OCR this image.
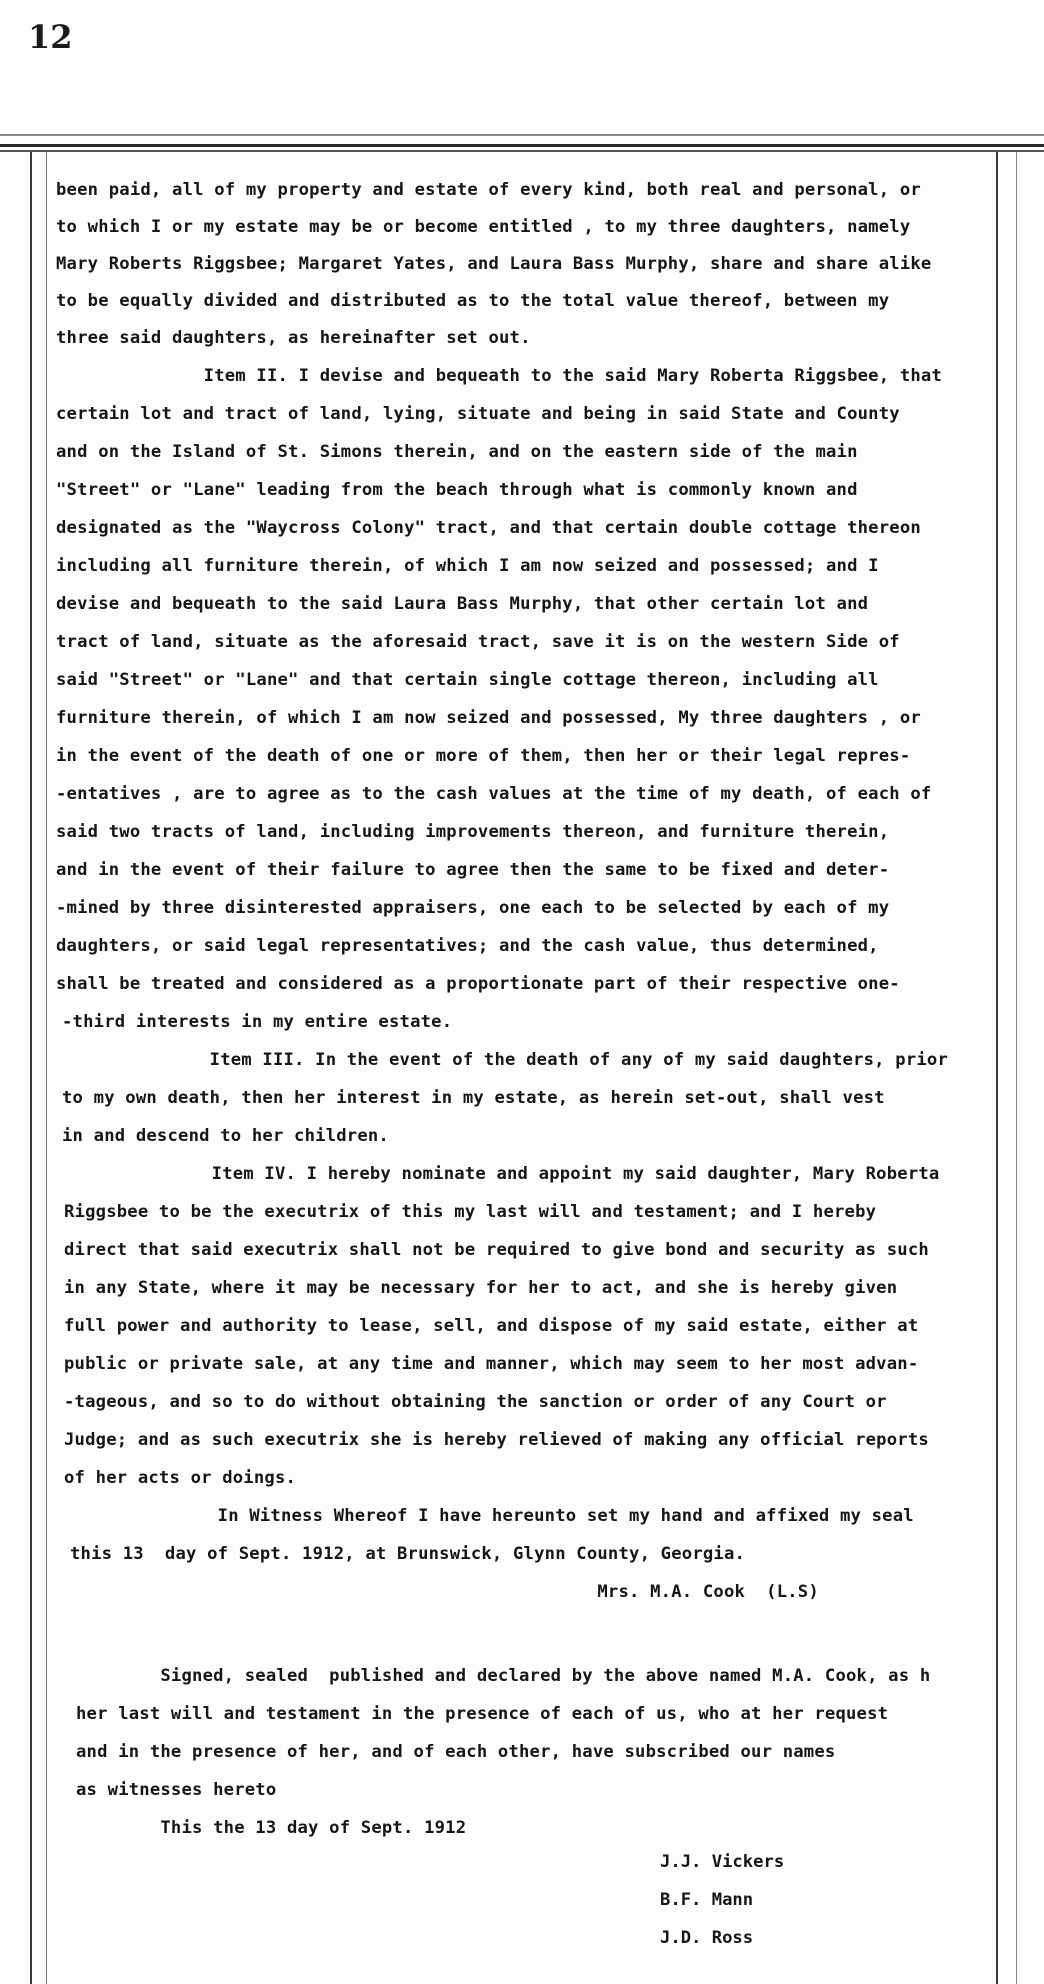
12
been paid, all of my property and estate of every kind, both real and personal, or
to which I or my estate may be or become entitled , to my three daughters, namely
Mary Roberts Riggsbee; Margaret Yates, and Laura Bass Murphy, share and share alike
to be equally divided and distributed as to the total value thereof, between my
three said daughters, as hereinafter set out.
Item II. I devise and bequeath to the said Mary Roberta Riggsbee, that
certain lot and tract of land, lying, situate and being in said State and County
and on the Island of St. Simons therein, and on the eastern side of the main
"Street" or "Lane" leading from the beach through what is commonly known and
designated as the "Waycross Colony" tract, and that certain double cottage thereon
including all furniture therein, of which I am now seized and possessed; and I
devise and bequeath to the said Laura Bass Murphy, that other certain lot and
tract of land, situate as the aforesaid tract, save it is on the western Side of
said "Street" or "Lane" and that certain single cottage thereon, including all
furniture therein, of which I am now seized and possessed, My three daughters , or
in the event of the death of one or more of them, then her or their legal repres-
-entatives , are to agree as to the cash values at the time of my death, of each of
said two tracts of land, including improvements thereon, and furniture therein,
and in the event of their failure to agree then the same to be fixed and deter-
-mined by three disinterested appraisers, one each to be selected by each of my
daughters, or said legal representatives; and the cash value, thus determined,
shall be treated and considered as a proportionate part of their respective one-
-third interests in my entire estate.
Item III. In the event of the death of any of my said daughters, prior
to my own death, then her interest in my estate, as herein set-out, shall vest
in and descend to her children.
Item IV. I hereby nominate and appoint my said daughter, Mary Roberta
Riggsbee to be the executrix of this my last will and testament; and I hereby
direct that said executrix shall not be required to give bond and security as such
in any State, where it may be necessary for her to act, and she is hereby given
full power and authority to lease, sell, and dispose of my said estate, either at
public or private sale, at any time and manner, which may seem to her most advan-
-tageous, and so to do without obtaining the sanction or order of any Court or
Judge; and as such executrix she is hereby relieved of making any official reports
of her acts or doings.
In Witness Whereof I have hereunto set my hand and affixed my seal
this 13  day of Sept. 1912, at Brunswick, Glynn County, Georgia.
Mrs. M.A. Cook  (L.S)
Signed, sealed  published and declared by the above named M.A. Cook, as h
her last will and testament in the presence of each of us, who at her request
and in the presence of her, and of each other, have subscribed our names
as witnesses hereto
This the 13 day of Sept. 1912
J.J. Vickers
B.F. Mann
J.D. Ross
